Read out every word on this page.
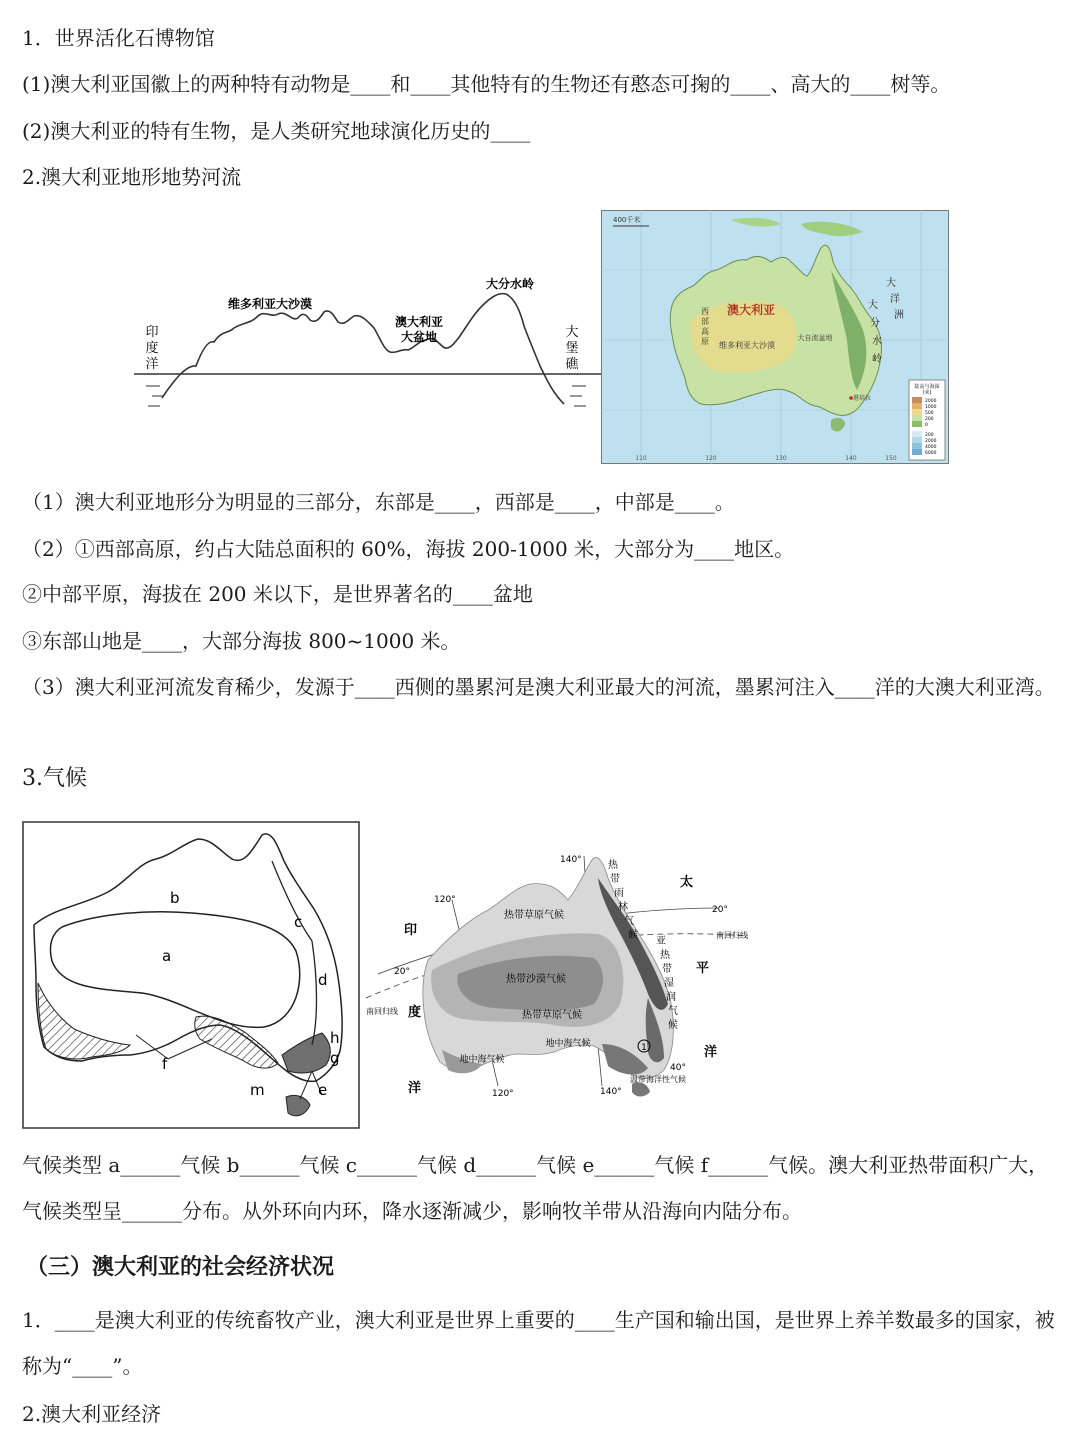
1．世界活化石博物馆
(1)澳大利亚国徽上的两种特有动物是____和____其他特有的生物还有憨态可掬的____、高大的____树等。
(2)澳大利亚的特有生物，是人类研究地球演化历史的____
2.澳大利亚地形地势河流
印
度
洋
维多利亚大沙漠
澳大利亚
大盆地
大分水岭
大
堡
礁
400千米
澳大利亚
大自流盆地
维多利亚大沙漠
大
分
水
岭
大
洋
洲
西
部
高
原
堪培拉
陆高与海深
(米)
2000
1000
500
200
0
200
2000
4000
6000
110	120	130	140	150
（1）澳大利亚地形分为明显的三部分，东部是____，西部是____，中部是____。
（2）①西部高原，约占大陆总面积的 60%，海拔 200-1000 米，大部分为____地区。
②中部平原，海拔在 200 米以下，是世界著名的____盆地
③东部山地是____，大部分海拔 800~1000 米。
（3）澳大利亚河流发育稀少，发源于____西侧的墨累河是澳大利亚最大的河流，墨累河注入____洋的大澳大利亚湾。
3.气候
a
b
c
d
e
f	g
h
m
140°
120°
20°
20°
南回归线
南回归线
40°
120°	140°
热带草原气候
热带沙漠气候
热带草原气候
地中海气候
地中海气候
温带海洋性气候
1
热
带
雨
林
气
候
亚
热
带
湿
润
气
候
太
平
洋
印
度
洋
气候类型 a______气候 b______气候 c______气候 d______气候 e______气候 f______气候。澳大利亚热带面积广大，气候类型呈______分布。从外环向内环，降水逐渐减少，影响牧羊带从沿海向内陆分布。
（三）澳大利亚的社会经济状况
1．____是澳大利亚的传统畜牧产业，澳大利亚是世界上重要的____生产国和输出国，是世界上养羊数最多的国家，被称为“____”。
2.澳大利亚经济
